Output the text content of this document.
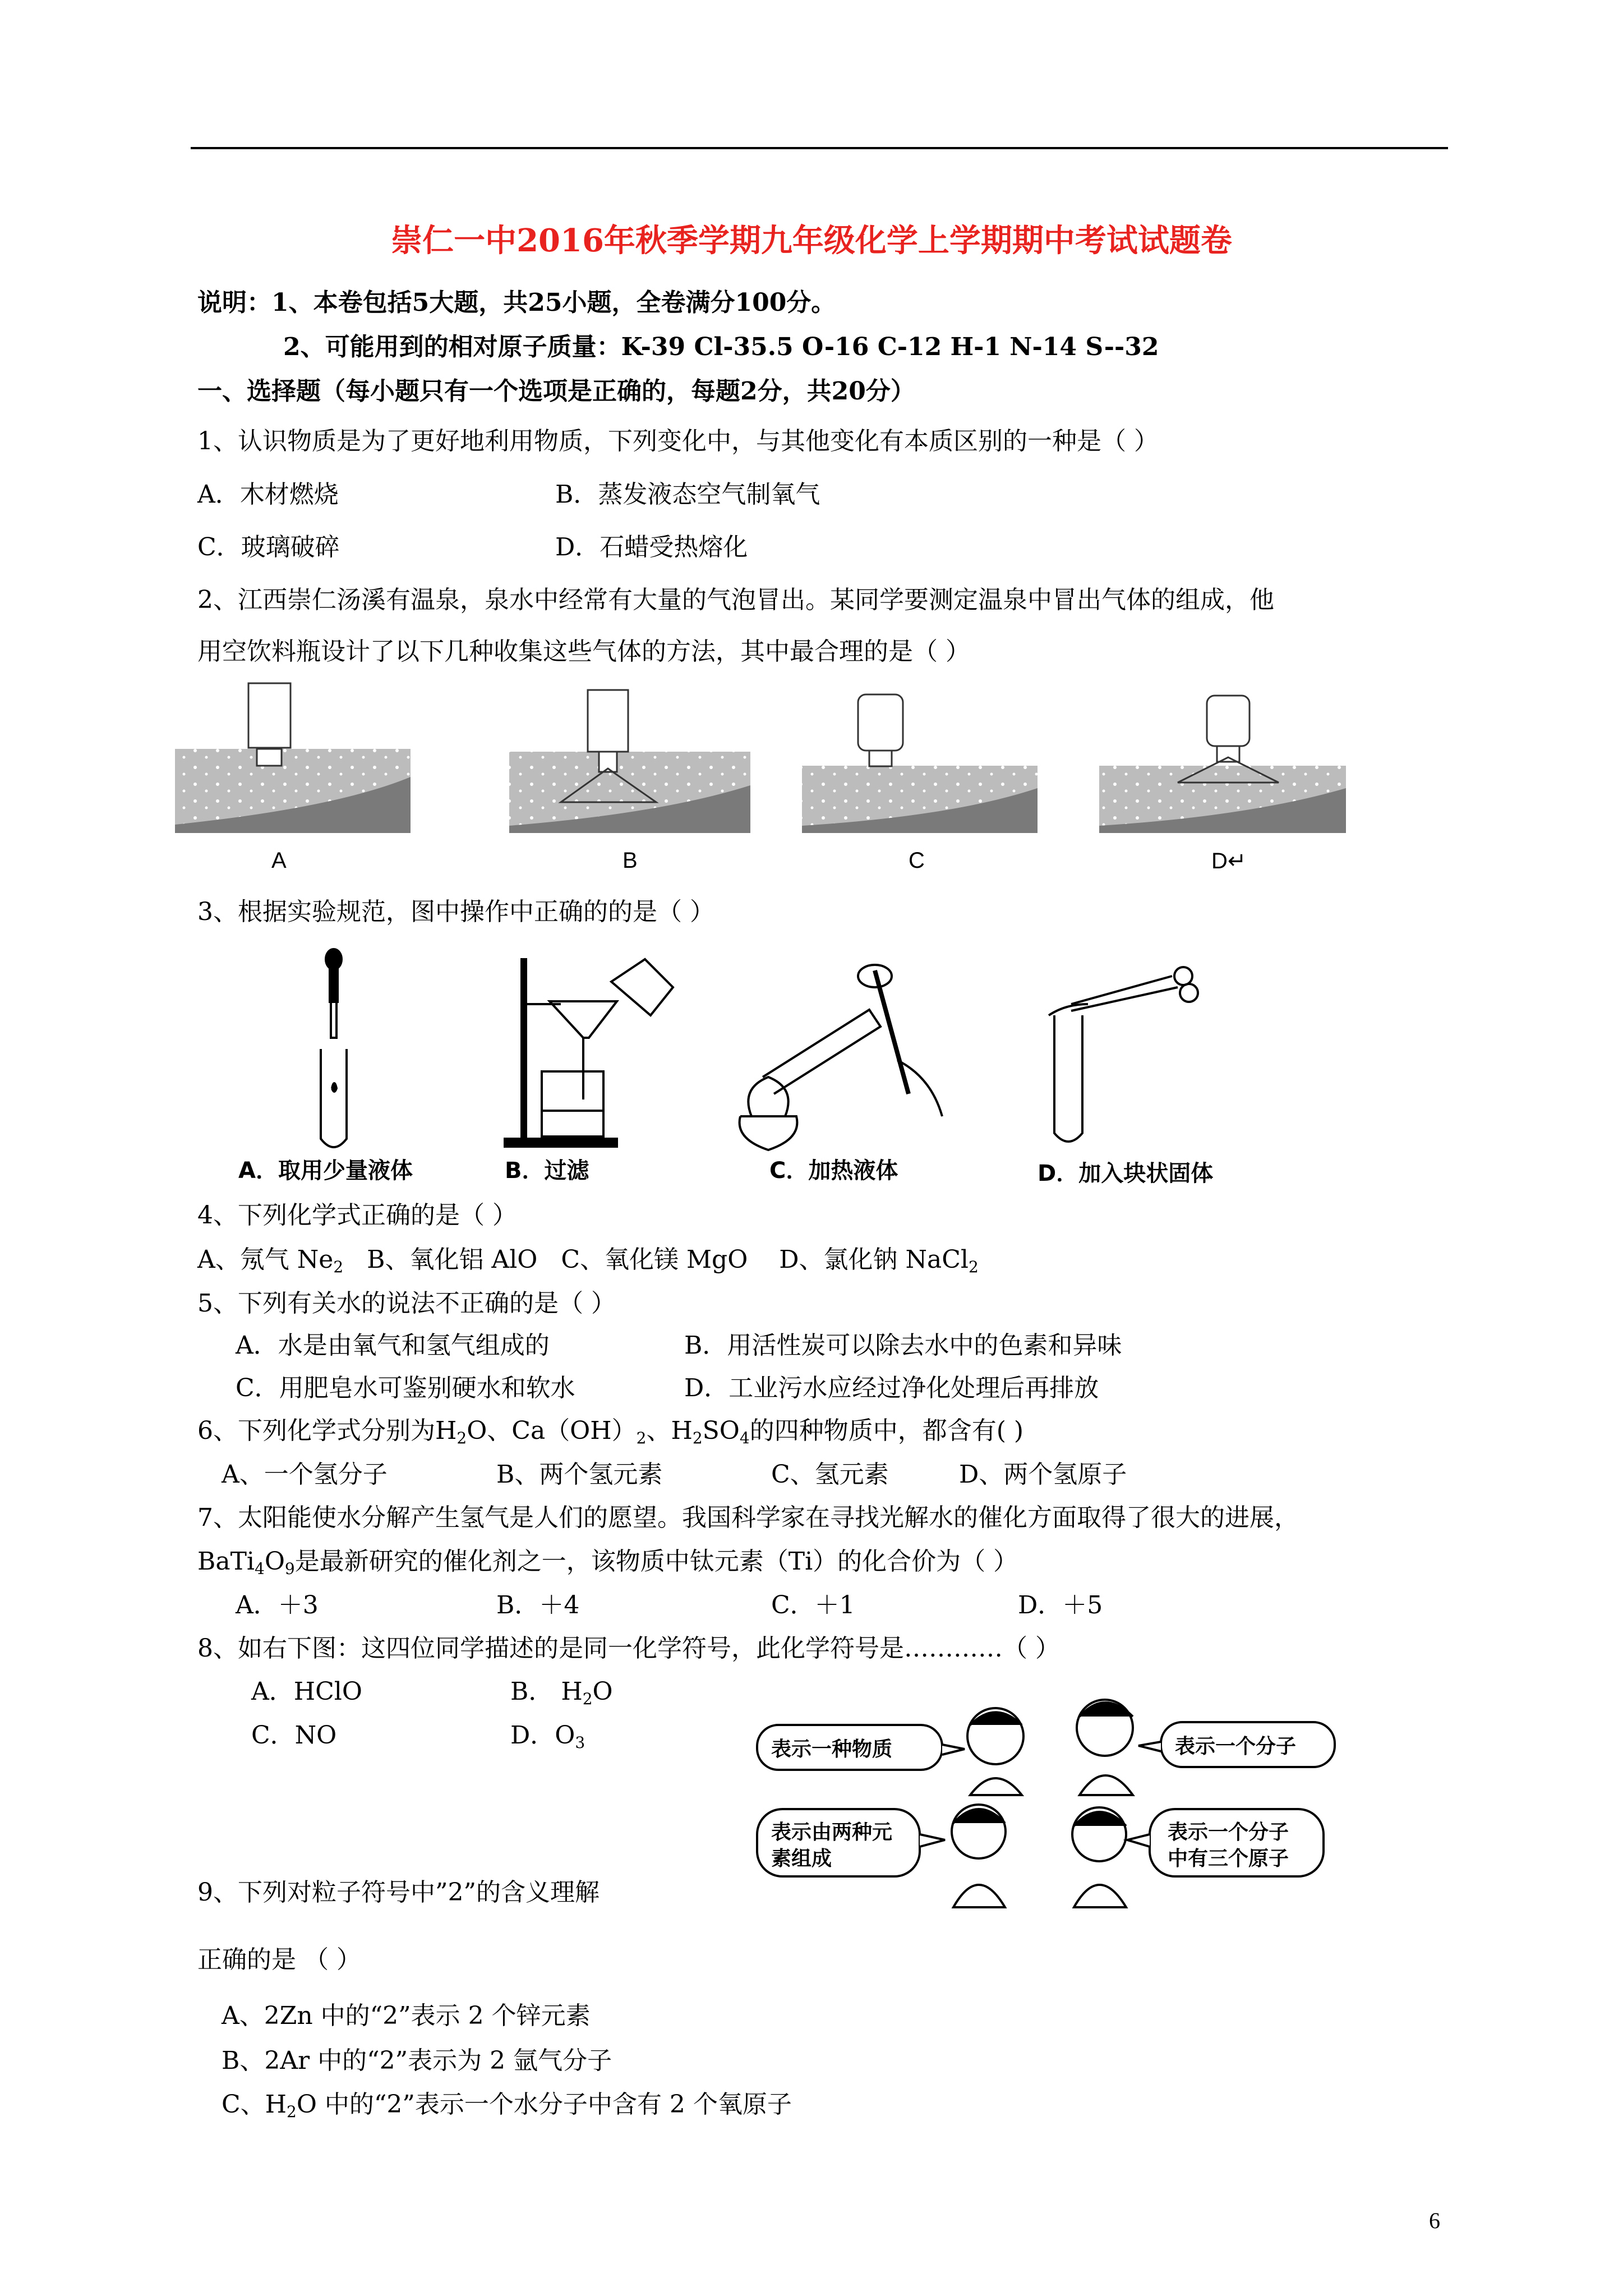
崇仁一中2016年秋季学期九年级化学上学期期中考试试题卷
说明：1、本卷包括5大题，共25小题，全卷满分100分。
2、可能用到的相对原子质量：K-39 Cl-35.5 O-16 C-12 H-1 N-14 S--32
一、选择题（每小题只有一个选项是正确的，每题2分，共20分）
1、认识物质是为了更好地利用物质，下列变化中，与其他变化有本质区别的一种是（ ）
A．木材燃烧	B．蒸发液态空气制氧气
C．玻璃破碎	D．石蜡受热熔化
2、江西崇仁汤溪有温泉，泉水中经常有大量的气泡冒出。某同学要测定温泉中冒出气体的组成，他
用空饮料瓶设计了以下几种收集这些气体的方法，其中最合理的是（ ）
A	B	C	D↵
3、根据实验规范，图中操作中正确的的是（ ）
A．取用少量液体	B．过滤	C．加热液体	D．加入块状固体
4、下列化学式正确的是（ ）
A、氖气 $Ne_2$ B、氧化铝 AlO C、氧化镁 MgO D、氯化钠 NaCl$_2$
5、下列有关水的说法不正确的是（ ）
A．水是由氧气和氢气组成的	B．用活性炭可以除去水中的色素和异味
C．用肥皂水可鉴别硬水和软水	D．工业污水应经过净化处理后再排放
6、下列化学式分别为$H_2O$、$Ca(OH)_2$、$H_2SO_4$的四种物质中，都含有( )
A、一个氢分子	B、两个氢元素	C、氢元素	D、两个氢原子
7、太阳能使水分解产生氢气是人们的愿望。我国科学家在寻找光解水的催化方面取得了很大的进展，
$BaTi_4O_9$是最新研究的催化剂之一，该物质中钛元素（Ti）的化合价为（ ）
A．＋3	B．＋4	C．＋1	D．＋5
8、如右下图：这四位同学描述的是同一化学符号，此化学符号是…………（ ）
A．HClO	B． $H_2O$
C．NO	D．$O_3$	表示一种物质	表示一个分子
表示由两种元
素组成
表示一个分子
中有三个原子
9、下列对粒子符号中”2”的含义理解
正确的是 （ ）
A、2Zn 中的“2”表示 2 个锌元素
B、2Ar 中的“2”表示为 2 氩气分子
C、$H_2O$ 中的“2”表示一个水分子中含有 2 个氧原子
6
